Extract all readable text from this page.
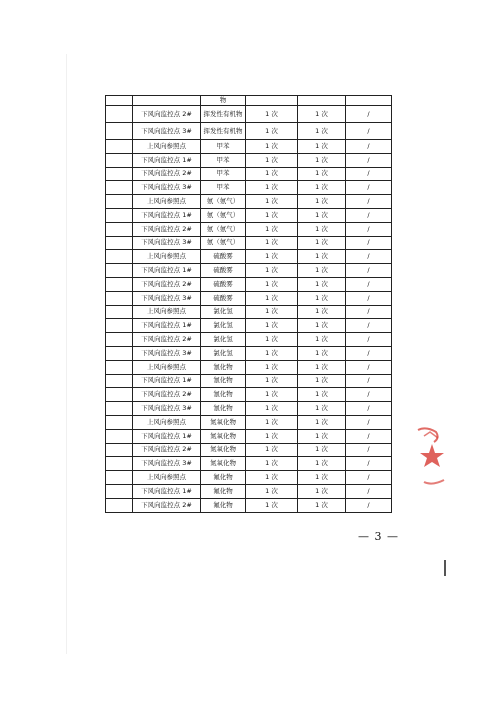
		物			
	下风向监控点 2#	挥发性有机物	1 次	1 次	/
	下风向监控点 3#	挥发性有机物	1 次	1 次	/
	上风向参照点	甲苯	1 次	1 次	/
	下风向监控点 1#	甲苯	1 次	1 次	/
	下风向监控点 2#	甲苯	1 次	1 次	/
	下风向监控点 3#	甲苯	1 次	1 次	/
	上风向参照点	氨（氨气）	1 次	1 次	/
	下风向监控点 1#	氨（氨气）	1 次	1 次	/
	下风向监控点 2#	氨（氨气）	1 次	1 次	/
	下风向监控点 3#	氨（氨气）	1 次	1 次	/
	上风向参照点	硫酸雾	1 次	1 次	/
	下风向监控点 1#	硫酸雾	1 次	1 次	/
	下风向监控点 2#	硫酸雾	1 次	1 次	/
	下风向监控点 3#	硫酸雾	1 次	1 次	/
	上风向参照点	氯化氢	1 次	1 次	/
	下风向监控点 1#	氯化氢	1 次	1 次	/
	下风向监控点 2#	氯化氢	1 次	1 次	/
	下风向监控点 3#	氯化氢	1 次	1 次	/
	上风向参照点	氰化物	1 次	1 次	/
	下风向监控点 1#	氰化物	1 次	1 次	/
	下风向监控点 2#	氰化物	1 次	1 次	/
	下风向监控点 3#	氰化物	1 次	1 次	/
	上风向参照点	氮氧化物	1 次	1 次	/
	下风向监控点 1#	氮氧化物	1 次	1 次	/
	下风向监控点 2#	氮氧化物	1 次	1 次	/
	下风向监控点 3#	氮氧化物	1 次	1 次	/
	上风向参照点	氟化物	1 次	1 次	/
	下风向监控点 1#	氟化物	1 次	1 次	/
	下风向监控点 2#	氟化物	1 次	1 次	/
— 3 —
